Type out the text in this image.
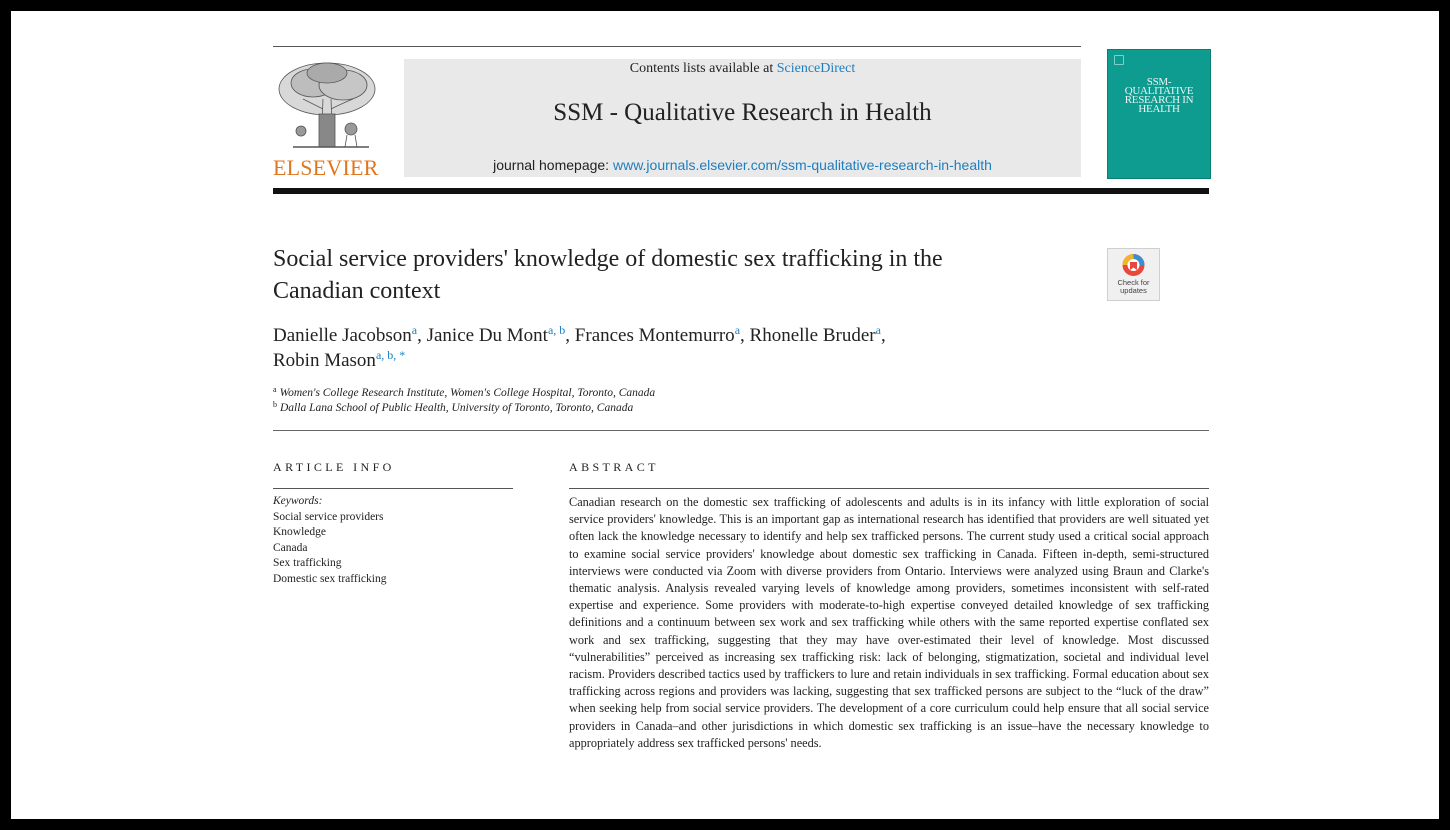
ELSEVIER
Contents lists available at ScienceDirect
SSM - Qualitative Research in Health
journal homepage: www.journals.elsevier.com/ssm-qualitative-research-in-health
SSM-
QUALITATIVE
RESEARCH IN
HEALTH
Social service providers' knowledge of domestic sex trafficking in the
Canadian context	Check for
updates
Danielle Jacobson$^a$, Janice Du Mont$^{a, b}$, Frances Montemurro$^a$, Rhonelle Bruder$^a$,
Robin Mason$^{a, b, *}$
$^a$ Women's College Research Institute, Women's College Hospital, Toronto, Canada
$^b$ Dalla Lana School of Public Health, University of Toronto, Toronto, Canada
ARTICLE INFO
Keywords:
Social service providers
Knowledge
Canada
Sex trafficking
Domestic sex trafficking
ABSTRACT

Canadian research on the domestic sex trafficking of adolescents and adults is in its infancy with little exploration of social service providers' knowledge. This is an important gap as international research has identified that providers are well situated yet often lack the knowledge necessary to identify and help sex trafficked persons. The current study used a critical social approach to examine social service providers' knowledge about domestic sex trafficking in Canada. Fifteen in-depth, semi-structured interviews were conducted via Zoom with diverse providers from Ontario. Interviews were analyzed using Braun and Clarke's thematic analysis. Analysis revealed varying levels of knowledge among providers, sometimes inconsistent with self-rated expertise and experience. Some providers with moderate-to-high expertise conveyed detailed knowledge of sex trafficking definitions and a continuum between sex work and sex trafficking while others with the same reported expertise conflated sex work and sex trafficking, suggesting that they may have over-estimated their level of knowledge. Most discussed “vulnerabilities” perceived as increasing sex trafficking risk: lack of belonging, stigmatization, societal and individual level racism. Providers described tactics used by traffickers to lure and retain individuals in sex trafficking. Formal education about sex trafficking across regions and providers was lacking, suggesting that sex trafficked persons are subject to the “luck of the draw” when seeking help from social service providers. The development of a core curriculum could help ensure that all social service providers in Canada–and other jurisdictions in which domestic sex trafficking is an issue–have the necessary knowledge to appropriately address sex trafficked persons' needs.
